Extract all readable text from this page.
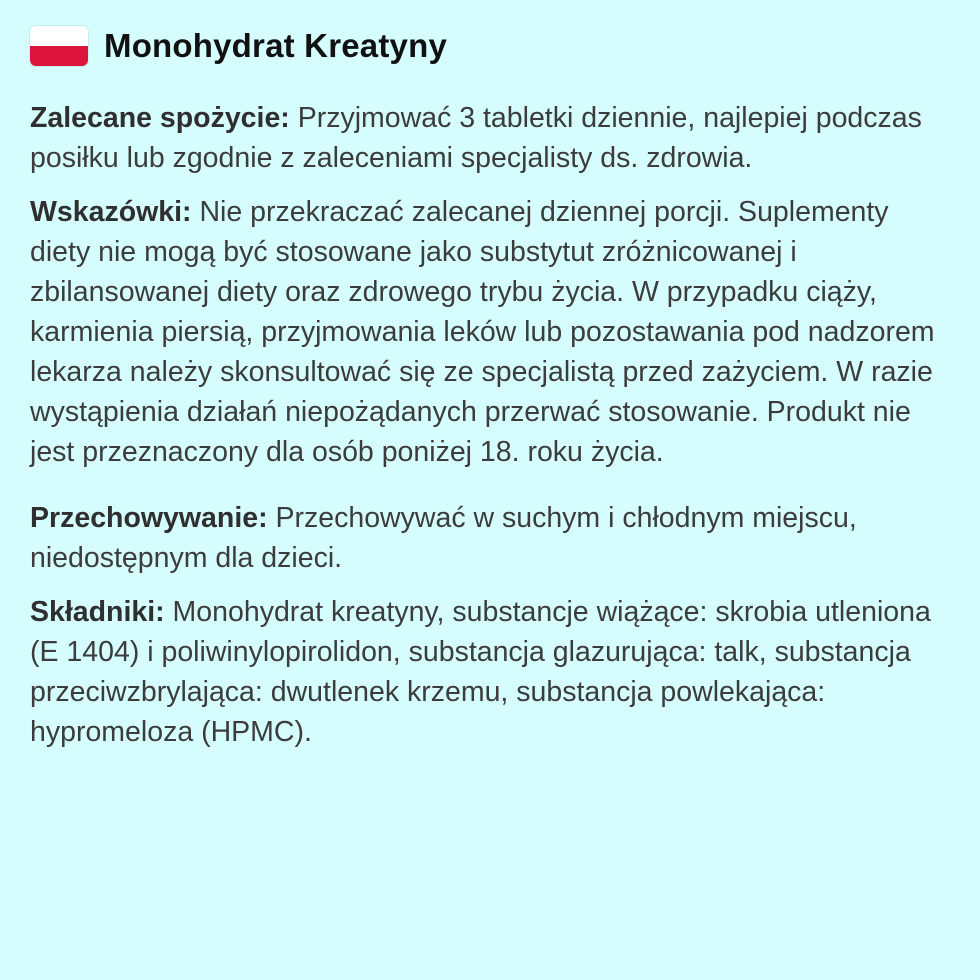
Monohydrat Kreatyny

Zalecane spożycie: Przyjmować 3 tabletki dziennie, najlepiej podczas posiłku lub zgodnie z zaleceniami specjalisty ds. zdrowia.

Wskazówki: Nie przekraczać zalecanej dziennej porcji. Suplementy diety nie mogą być stosowane jako substytut zróżnicowanej i zbilansowanej diety oraz zdrowego trybu życia. W przypadku ciąży, karmienia piersią, przyjmowania leków lub pozostawania pod nadzorem lekarza należy skonsultować się ze specjalistą przed zażyciem. W razie wystąpienia działań niepożądanych przerwać stosowanie. Produkt nie jest przeznaczony dla osób poniżej 18. roku życia.

Przechowywanie: Przechowywać w suchym i chłodnym miejscu, niedostępnym dla dzieci.

Składniki: Monohydrat kreatyny, substancje wiążące: skrobia utleniona (E 1404) i poliwinylopirolidon, substancja glazurująca: talk, substancja przeciwzbrylająca: dwutlenek krzemu, substancja powlekająca: hypromeloza (HPMC).
